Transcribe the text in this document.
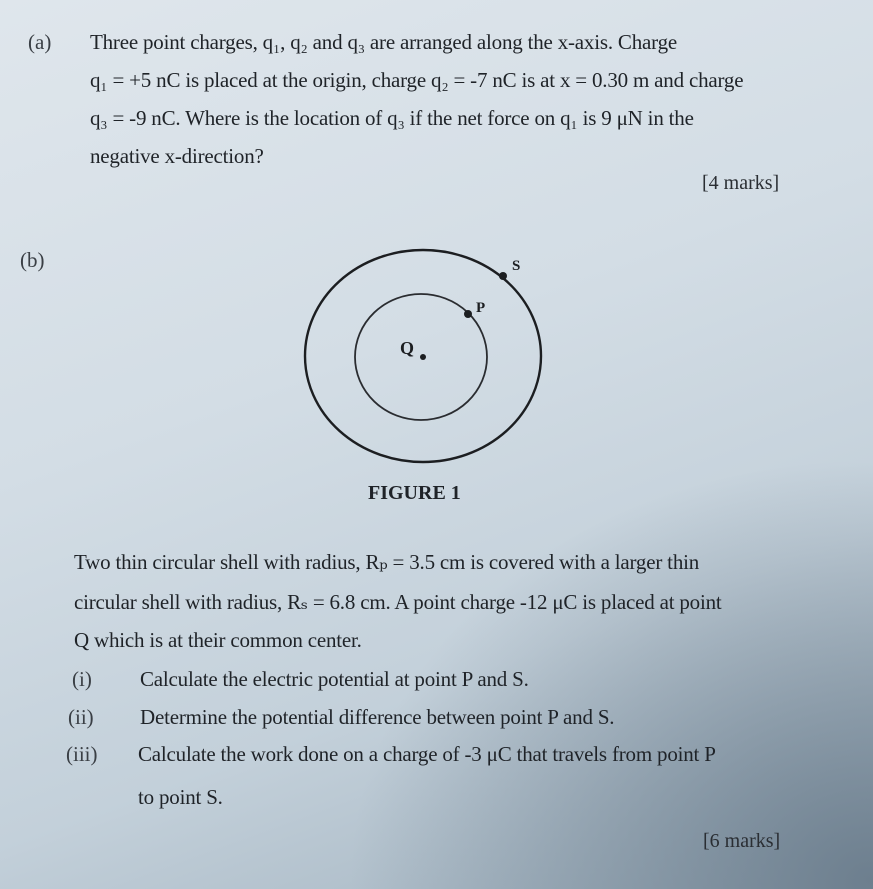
(a) Three point charges, q₁, q₂ and q₃ are arranged along the x-axis. Charge
q₁ = +5 nC is placed at the origin, charge q₂ = -7 nC is at x = 0.30 m and charge
q₃ = -9 nC. Where is the location of q₃ if the net force on q₁ is 9 μN in the
negative x-direction?
[4 marks]
(b)
Q
P
S
FIGURE 1
Two thin circular shell with radius, Rₚ = 3.5 cm is covered with a larger thin
circular shell with radius, Rₛ = 6.8 cm. A point charge -12 μC is placed at point
Q which is at their common center.
(i) Calculate the electric potential at point P and S.
(ii) Determine the potential difference between point P and S.
(iii) Calculate the work done on a charge of -3 μC that travels from point P
to point S.
[6 marks]
